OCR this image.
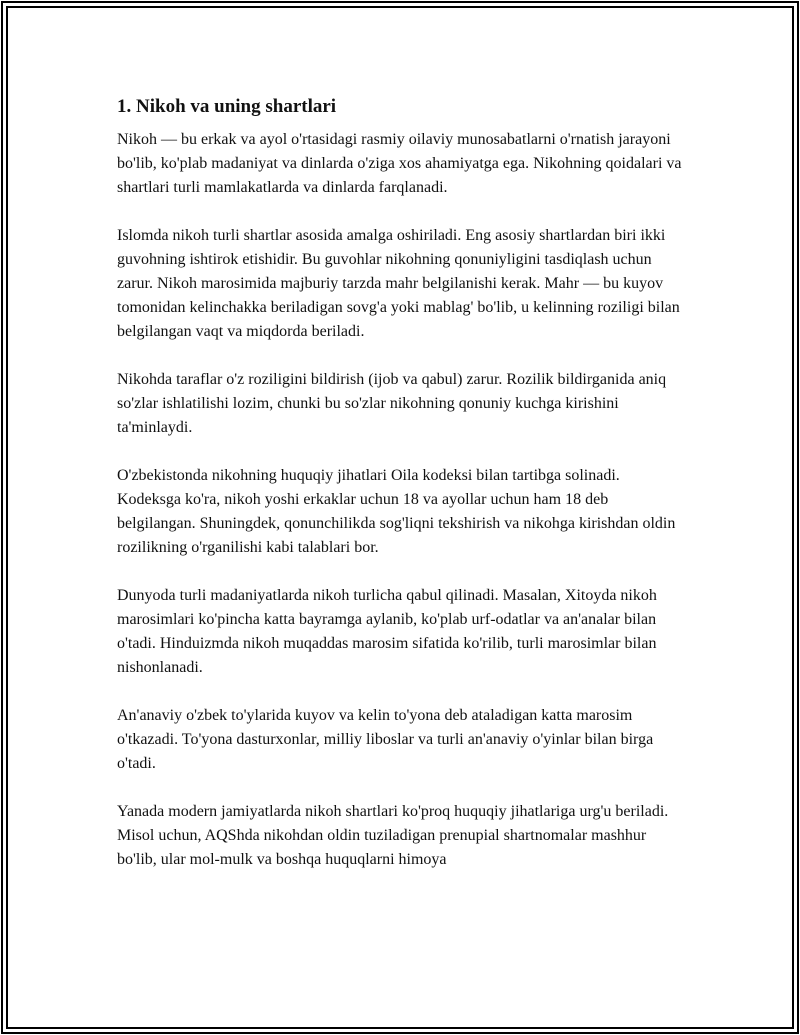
1. Nikoh va uning shartlari

Nikoh — bu erkak va ayol o'rtasidagi rasmiy oilaviy munosabatlarni o'rnatish jarayoni bo'lib, ko'plab madaniyat va dinlarda o'ziga xos ahamiyatga ega. Nikohning qoidalari va shartlari turli mamlakatlarda va dinlarda farqlanadi.

Islomda nikoh turli shartlar asosida amalga oshiriladi. Eng asosiy shartlardan biri ikki guvohning ishtirok etishidir. Bu guvohlar nikohning qonuniyligini tasdiqlash uchun zarur. Nikoh marosimida majburiy tarzda mahr belgilanishi kerak. Mahr — bu kuyov tomonidan kelinchakka beriladigan sovg'a yoki mablag' bo'lib, u kelinning roziligi bilan belgilangan vaqt va miqdorda beriladi.

Nikohda taraflar o'z roziligini bildirish (ijob va qabul) zarur. Rozilik bildirganida aniq so'zlar ishlatilishi lozim, chunki bu so'zlar nikohning qonuniy kuchga kirishini ta'minlaydi.

O'zbekistonda nikohning huquqiy jihatlari Oila kodeksi bilan tartibga solinadi. Kodeksga ko'ra, nikoh yoshi erkaklar uchun 18 va ayollar uchun ham 18 deb belgilangan. Shuningdek, qonunchilikda sog'liqni tekshirish va nikohga kirishdan oldin rozilikning o'rganilishi kabi talablari bor.

Dunyoda turli madaniyatlarda nikoh turlicha qabul qilinadi. Masalan, Xitoyda nikoh marosimlari ko'pincha katta bayramga aylanib, ko'plab urf-odatlar va an'analar bilan o'tadi. Hinduizmda nikoh muqaddas marosim sifatida ko'rilib, turli marosimlar bilan nishonlanadi.

An'anaviy o'zbek to'ylarida kuyov va kelin to'yona deb ataladigan katta marosim o'tkazadi. To'yona dasturxonlar, milliy liboslar va turli an'anaviy o'yinlar bilan birga o'tadi.

Yanada modern jamiyatlarda nikoh shartlari ko'proq huquqiy jihatlariga urg'u beriladi. Misol uchun, AQShda nikohdan oldin tuziladigan prenupial shartnomalar mashhur bo'lib, ular mol-mulk va boshqa huquqlarni himoya
